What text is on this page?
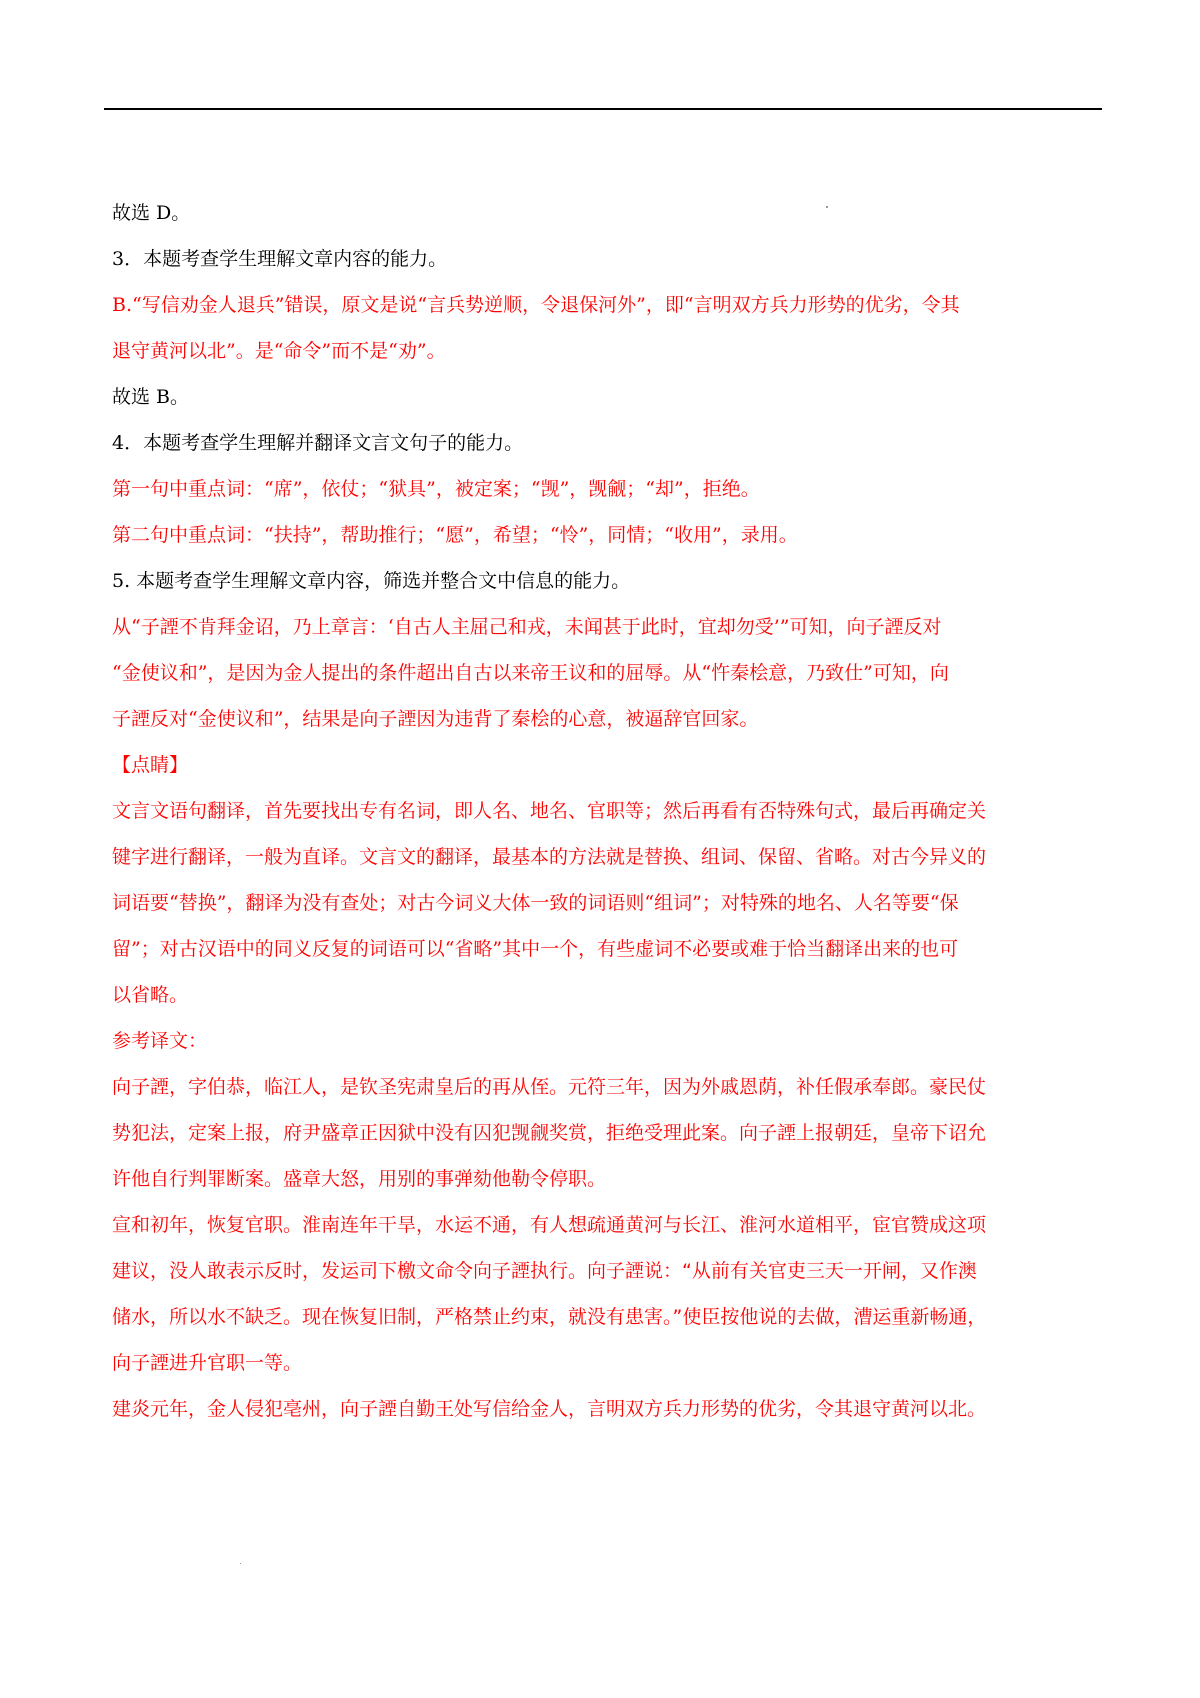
故选 D。

3．本题考查学生理解文章内容的能力。

B.“写信劝金人退兵”错误，原文是说“言兵势逆顺，令退保河外”，即“言明双方兵力形势的优劣，令其

退守黄河以北”。是“命令”而不是“劝”。

故选 B。

4．本题考查学生理解并翻译文言文句子的能力。

第一句中重点词：“席”，依仗；“狱具”，被定案；“觊”，觊觎；“却”，拒绝。

第二句中重点词：“扶持”，帮助推行；“愿”，希望；“怜”，同情；“收用”，录用。

5. 本题考查学生理解文章内容，筛选并整合文中信息的能力。

从“子諲不肯拜金诏，乃上章言：‘自古人主屈己和戎，未闻甚于此时，宜却勿受’”可知，向子諲反对

“金使议和”，是因为金人提出的条件超出自古以来帝王议和的屈辱。从“忤秦桧意，乃致仕”可知，向

子諲反对“金使议和”，结果是向子諲因为违背了秦桧的心意，被逼辞官回家。

【点睛】

文言文语句翻译，首先要找出专有名词，即人名、地名、官职等；然后再看有否特殊句式，最后再确定关

键字进行翻译，一般为直译。文言文的翻译，最基本的方法就是替换、组词、保留、省略。对古今异义的

词语要“替换”，翻译为没有查处；对古今词义大体一致的词语则“组词”；对特殊的地名、人名等要“保

留”；对古汉语中的同义反复的词语可以“省略”其中一个，有些虚词不必要或难于恰当翻译出来的也可

以省略。

参考译文：

向子諲，字伯恭，临江人，是钦圣宪肃皇后的再从侄。元符三年，因为外戚恩荫，补任假承奉郎。豪民仗

势犯法，定案上报，府尹盛章正因狱中没有囚犯觊觎奖赏，拒绝受理此案。向子諲上报朝廷，皇帝下诏允

许他自行判罪断案。盛章大怒，用别的事弹劾他勒令停职。

宣和初年，恢复官职。淮南连年干旱，水运不通，有人想疏通黄河与长江、淮河水道相平，宦官赞成这项

建议，没人敢表示反时，发运司下檄文命令向子諲执行。向子諲说：“从前有关官吏三天一开闸，又作澳

储水，所以水不缺乏。现在恢复旧制，严格禁止约束，就没有患害。”使臣按他说的去做，漕运重新畅通，

向子諲进升官职一等。

建炎元年，金人侵犯亳州，向子諲自勤王处写信给金人，言明双方兵力形势的优劣，令其退守黄河以北。
